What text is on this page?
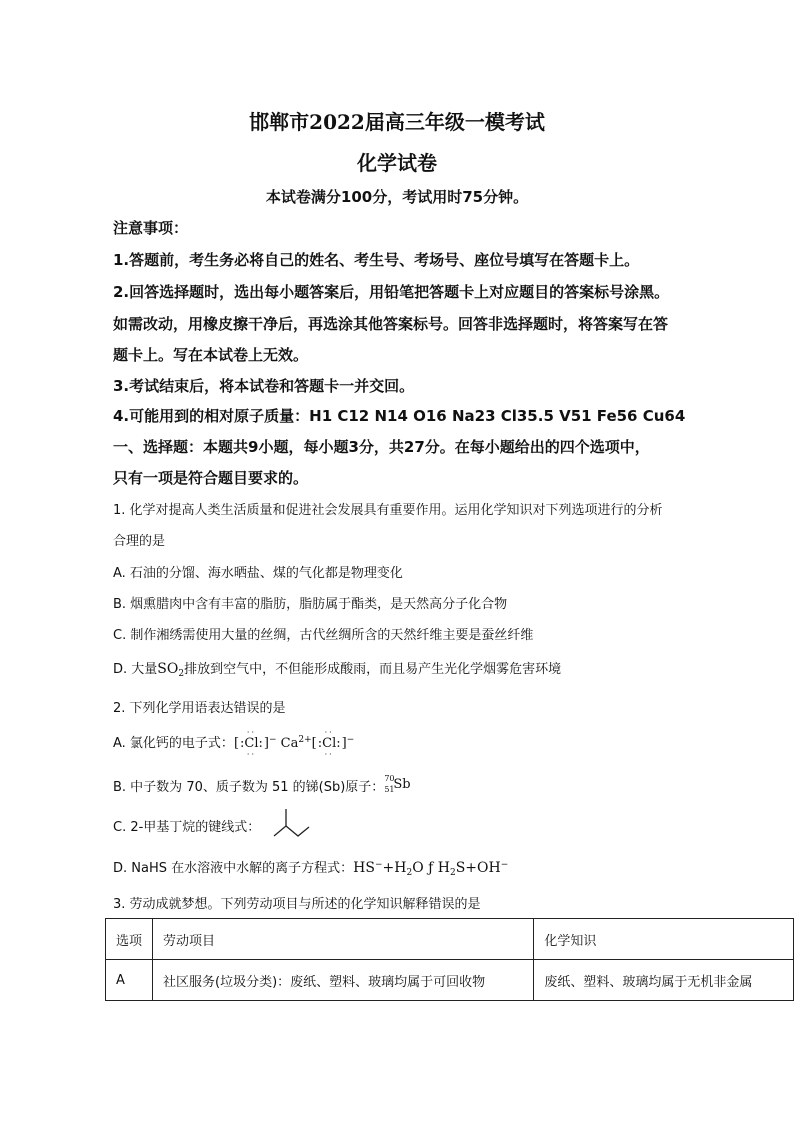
邯郸市2022届高三年级一模考试
化学试卷
本试卷满分100分，考试用时75分钟。
注意事项：
1.答题前，考生务必将自己的姓名、考生号、考场号、座位号填写在答题卡上。
2.回答选择题时，选出每小题答案后，用铅笔把答题卡上对应题目的答案标号涂黑。
如需改动，用橡皮擦干净后，再选涂其他答案标号。回答非选择题时，将答案写在答
题卡上。写在本试卷上无效。
3.考试结束后，将本试卷和答题卡一并交回。
4.可能用到的相对原子质量：H1 C12 N14 O16 Na23 Cl35.5 V51 Fe56 Cu64
一、选择题：本题共9小题，每小题3分，共27分。在每小题给出的四个选项中，
只有一项是符合题目要求的。
1. 化学对提高人类生活质量和促进社会发展具有重要作用。运用化学知识对下列选项进行的分析
合理的是
A. 石油的分馏、海水晒盐、煤的气化都是物理变化
B. 烟熏腊肉中含有丰富的脂肪，脂肪属于酯类，是天然高分子化合物
C. 制作湘绣需使用大量的丝绸，古代丝绸所含的天然纤维主要是蚕丝纤维
D. 大量$SO_2$排放到空气中，不但能形成酸雨，而且易产生光化学烟雾危害环境
2. 下列化学用语表达错误的是
A. 氯化钙的电子式：[:
··
Cl
··
:]− $Ca^{2+}$[:
··
Cl
··
:]−
B. 中子数为 70、质子数为 51 的锑(Sb)原子：
70
51
Sb
C. 2-甲基丁烷的键线式：
D. NaHS 在水溶液中水解的离子方程式：$HS^-+H_2O$ ƒ $H_2S+OH^-$
3. 劳动成就梦想。下列劳动项目与所述的化学知识解释错误的是
选项	劳动项目	化学知识
A	社区服务(垃圾分类)：废纸、塑料、玻璃均属于可回收物	废纸、塑料、玻璃均属于无机非金属
